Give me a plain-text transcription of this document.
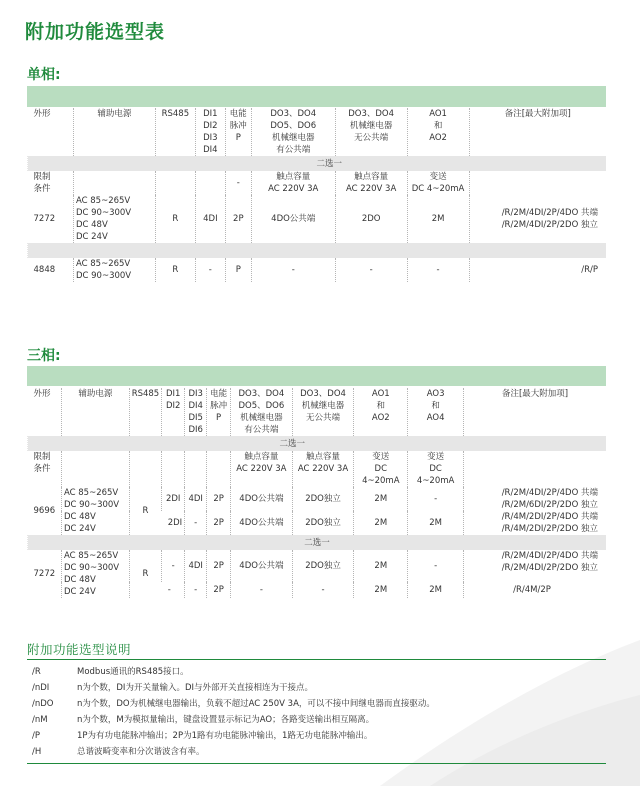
附加功能选型表
单相:
外形	辅助电源	RS485	DI1
DI2
DI3
DI4	电能
脉冲
P	DO3、DO4
DO5、DO6
机械继电器
有公共端	DO3、DO4
机械继电器
无公共端	AO1
和
AO2	备注[最大附加项]

					二选一			

限制
条件				-	触点容量
AC 220V 3A	触点容量
AC 220V 3A	变送
DC 4~20mA	
7272	AC 85~265V
DC 90~300V
DC 48V
DC 24V	R	4DI	2P	4DO公共端	2DO	2M	/R/2M/4DI/2P/4DO 共端
/R/2M/4DI/2P/2DO 独立

4848	AC 85~265V
DC 90~300V	R	-	P	-	-	-	/R/P
三相:
外形	辅助电源	RS485	DI1
DI2	DI3
DI4
DI5
DI6	电能
脉冲
P	DO3、DO4
DO5、DO6
机械继电器
有公共端	DO3、DO4
机械继电器
无公共端	AO1
和
AO2	AO3
和
AO4	备注[最大附加项]

						二选一				

限制
条件						触点容量
AC 220V 3A	触点容量
AC 220V 3A	变送
DC 4~20mA	变送
DC 4~20mA	
9696	AC 85~265V
DC 90~300V
DC 48V
DC 24V	R	2DI	4DI	2P	4DO公共端	2DO独立	2M	-	/R/2M/4DI/2P/4DO 共端
/R/2M/6DI/2P/2DO 独立
			2DI	-	2P	4DO公共端	2DO独立	2M	2M	/R/4M/2DI/2P/4DO 共端
/R/4M/2DI/2P/2DO 独立

二选一										

7272	AC 85~265V
DC 90~300V
DC 48V
DC 24V	R	-	4DI	2P	4DO公共端	2DO独立	2M	-	/R/2M/4DI/2P/4DO 共端
/R/2M/4DI/2P/2DO 独立
			-	-	2P	-	-	2M	2M	/R/4M/2P
附加功能选型说明
/R	Modbus通讯的RS485接口。
/nDI	n为个数，DI为开关量输入。DI与外部开关直接相连为干接点。
/nDO	n为个数，DO为机械继电器输出，负载不超过AC 250V 3A，可以不接中间继电器而直接驱动。
/nM	n为个数，M为模拟量输出，键盘设置显示标记为AO；各路变送输出相互隔离。
/P	1P为有功电能脉冲输出；2P为1路有功电能脉冲输出，1路无功电能脉冲输出。
/H	总谐波畸变率和分次谐波含有率。
